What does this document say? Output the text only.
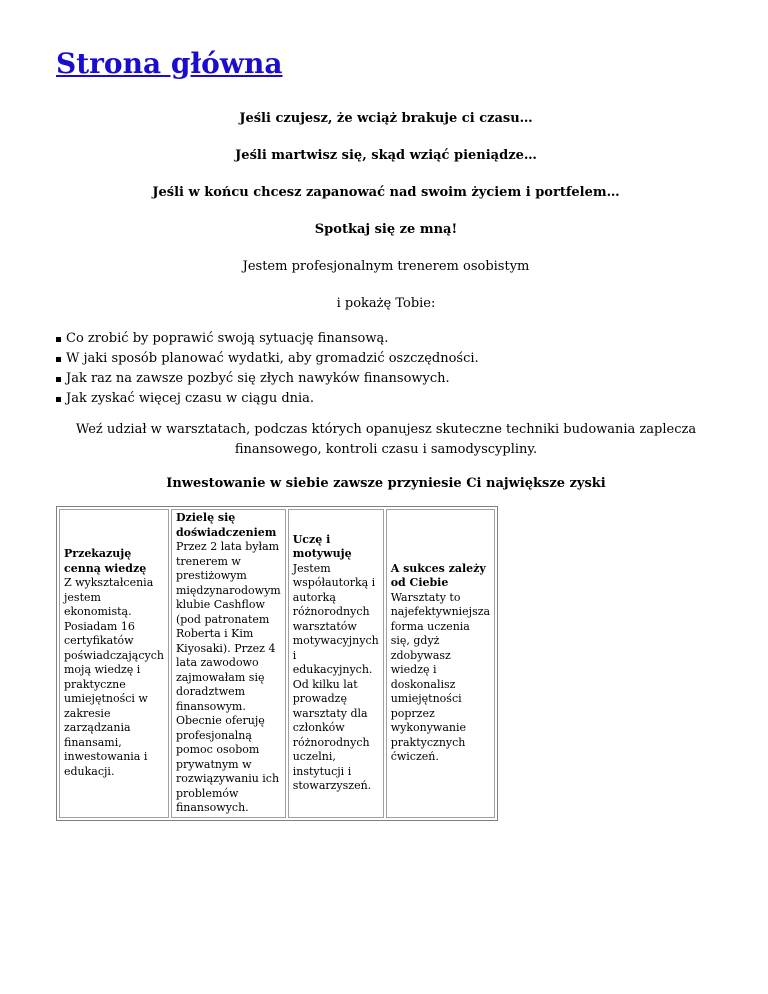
Strona główna

Jeśli czujesz, że wciąż brakuje ci czasu…

Jeśli martwisz się, skąd wziąć pieniądze…

Jeśli w końcu chcesz zapanować nad swoim życiem i portfelem…

Spotkaj się ze mną!

Jestem profesjonalnym trenerem osobistym

i pokażę Tobie:

Co zrobić by poprawić swoją sytuację finansową.
W jaki sposób planować wydatki, aby gromadzić oszczędności.
Jak raz na zawsze pozbyć się złych nawyków finansowych.
Jak zyskać więcej czasu w ciągu dnia.

Weź udział w warsztatach, podczas których opanujesz skuteczne techniki budowania zaplecza finansowego, kontroli czasu i samodyscypliny.

Inwestowanie w siebie zawsze przyniesie Ci największe zyski

Przekazuję cenną wiedzę
Z wykształcenia jestem ekonomistą. Posiadam 16 certyfikatów poświadczających moją wiedzę i praktyczne umiejętności w zakresie zarządzania finansami, inwestowania i edukacji.

Dzielę się doświadczeniem
Przez 2 lata byłam trenerem w prestiżowym międzynarodowym klubie Cashflow (pod patronatem Roberta i Kim Kiyosaki). Przez 4 lata zawodowo zajmowałam się doradztwem finansowym. Obecnie oferuję profesjonalną pomoc osobom prywatnym w rozwiązywaniu ich problemów finansowych.

Uczę i motywuję
Jestem współautorką i autorką różnorodnych warsztatów motywacyjnych i edukacyjnych. Od kilku lat prowadzę warsztaty dla członków różnorodnych uczelni, instytucji i stowarzyszeń.

A sukces zależy od Ciebie
Warsztaty to najefektywniejsza forma uczenia się, gdyż zdobywasz wiedzę i doskonalisz umiejętności poprzez wykonywanie praktycznych ćwiczeń.
